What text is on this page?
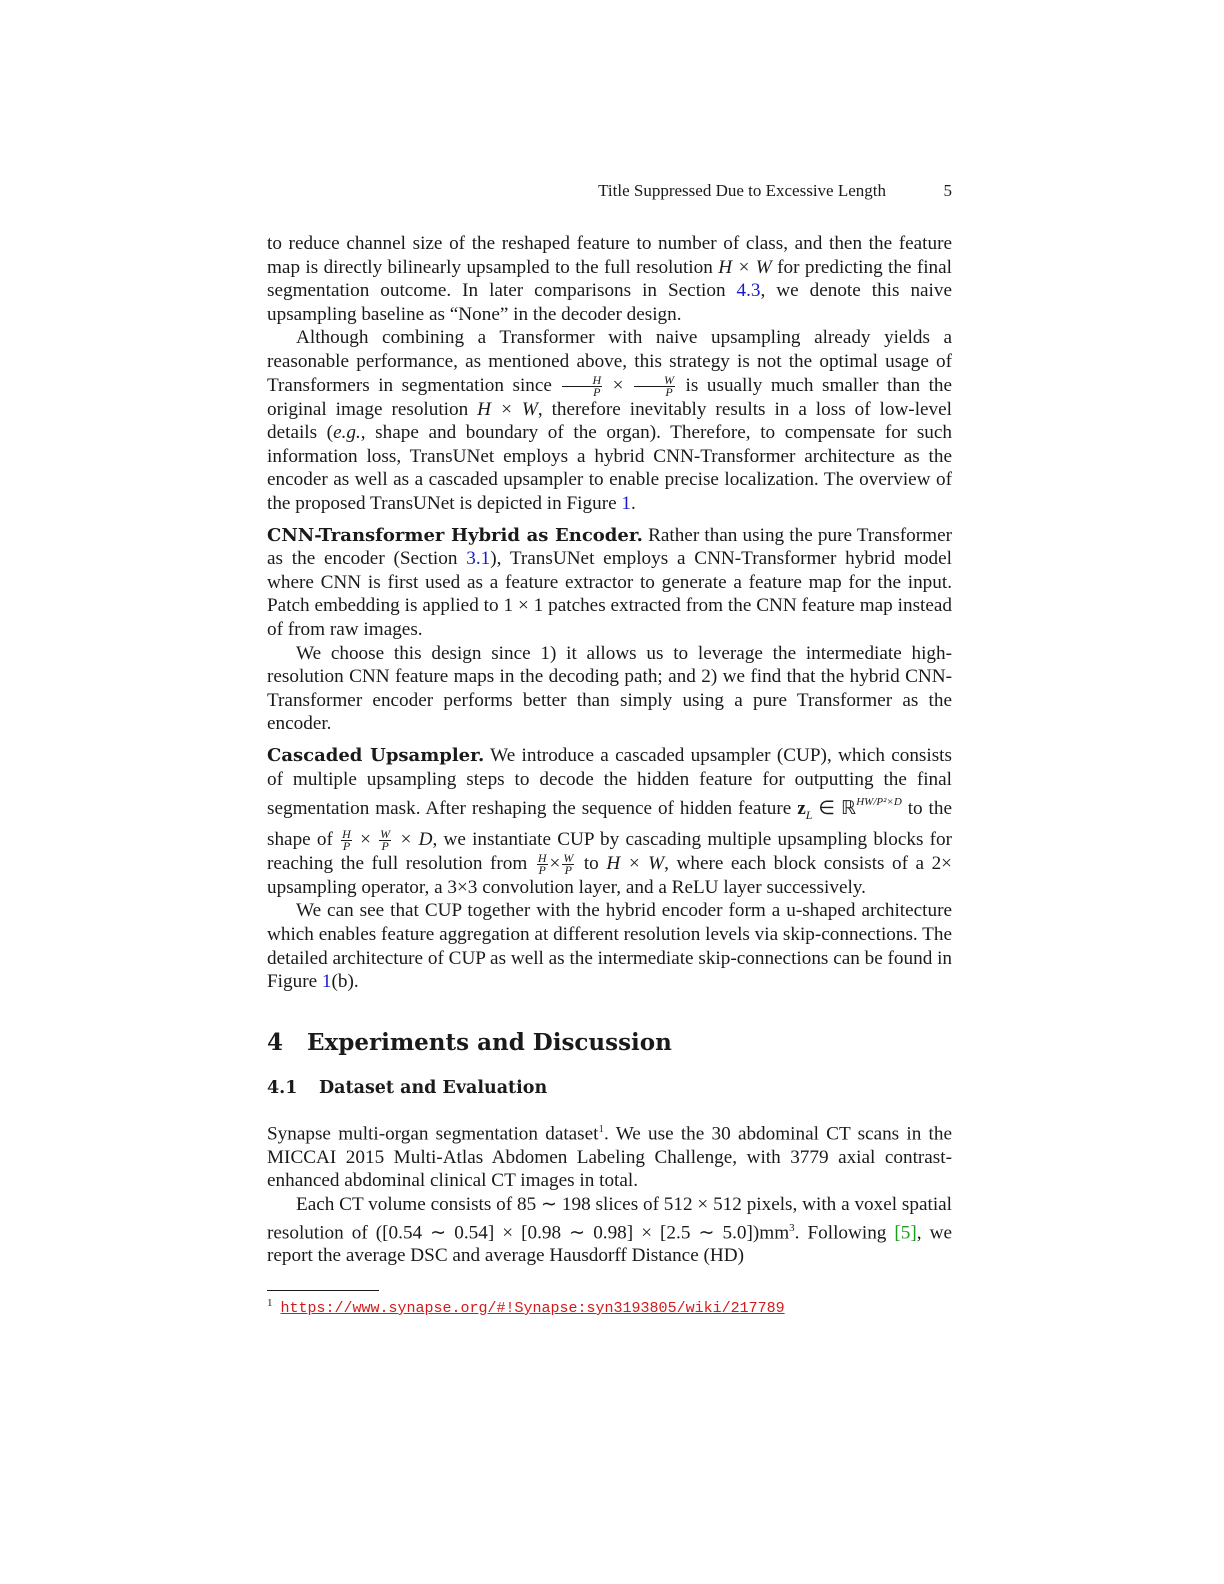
Title Suppressed Due to Excessive Length	5

to reduce channel size of the reshaped feature to number of class, and then the feature map is directly bilinearly upsampled to the full resolution H × W for predicting the final segmentation outcome. In later comparisons in Section 4.3, we denote this naive upsampling baseline as “None” in the decoder design.

Although combining a Transformer with naive upsampling already yields a reasonable performance, as mentioned above, this strategy is not the optimal usage of Transformers in segmentation since $\frac{H}{P} \times \frac{W}{P}$ is usually much smaller than the original image resolution H × W, therefore inevitably results in a loss of low-level details (e.g., shape and boundary of the organ). Therefore, to compensate for such information loss, TransUNet employs a hybrid CNN-Transformer architecture as the encoder as well as a cascaded upsampler to enable precise localization. The overview of the proposed TransUNet is depicted in Figure 1.

CNN-Transformer Hybrid as Encoder. Rather than using the pure Transformer as the encoder (Section 3.1), TransUNet employs a CNN-Transformer hybrid model where CNN is first used as a feature extractor to generate a feature map for the input. Patch embedding is applied to 1 × 1 patches extracted from the CNN feature map instead of from raw images.

We choose this design since 1) it allows us to leverage the intermediate high-resolution CNN feature maps in the decoding path; and 2) we find that the hybrid CNN-Transformer encoder performs better than simply using a pure Transformer as the encoder.

Cascaded Upsampler. We introduce a cascaded upsampler (CUP), which consists of multiple upsampling steps to decode the hidden feature for outputting the final segmentation mask. After reshaping the sequence of hidden feature $z_L$ ∈ ℝ$^{HW/P^2\times D}$ to the shape of $\frac{H}{P} \times \frac{W}{P} \times D$, we instantiate CUP by cascading multiple upsampling blocks for reaching the full resolution from $\frac{H}{P} \times \frac{W}{P}$ to H × W, where each block consists of a 2× upsampling operator, a 3×3 convolution layer, and a ReLU layer successively.

We can see that CUP together with the hybrid encoder form a u-shaped architecture which enables feature aggregation at different resolution levels via skip-connections. The detailed architecture of CUP as well as the intermediate skip-connections can be found in Figure 1(b).

4 Experiments and Discussion
4.1 Dataset and Evaluation

Synapse multi-organ segmentation dataset$^1$. We use the 30 abdominal CT scans in the MICCAI 2015 Multi-Atlas Abdomen Labeling Challenge, with 3779 axial contrast-enhanced abdominal clinical CT images in total.

Each CT volume consists of 85 ∼ 198 slices of 512 × 512 pixels, with a voxel spatial resolution of ([0.54 ∼ 0.54] × [0.98 ∼ 0.98] × [2.5 ∼ $5.0])mm^3$. Following [5], we report the average DSC and average Hausdorff Distance (HD)

$^1$ https://www.synapse.org/#!Synapse:syn3193805/wiki/217789
